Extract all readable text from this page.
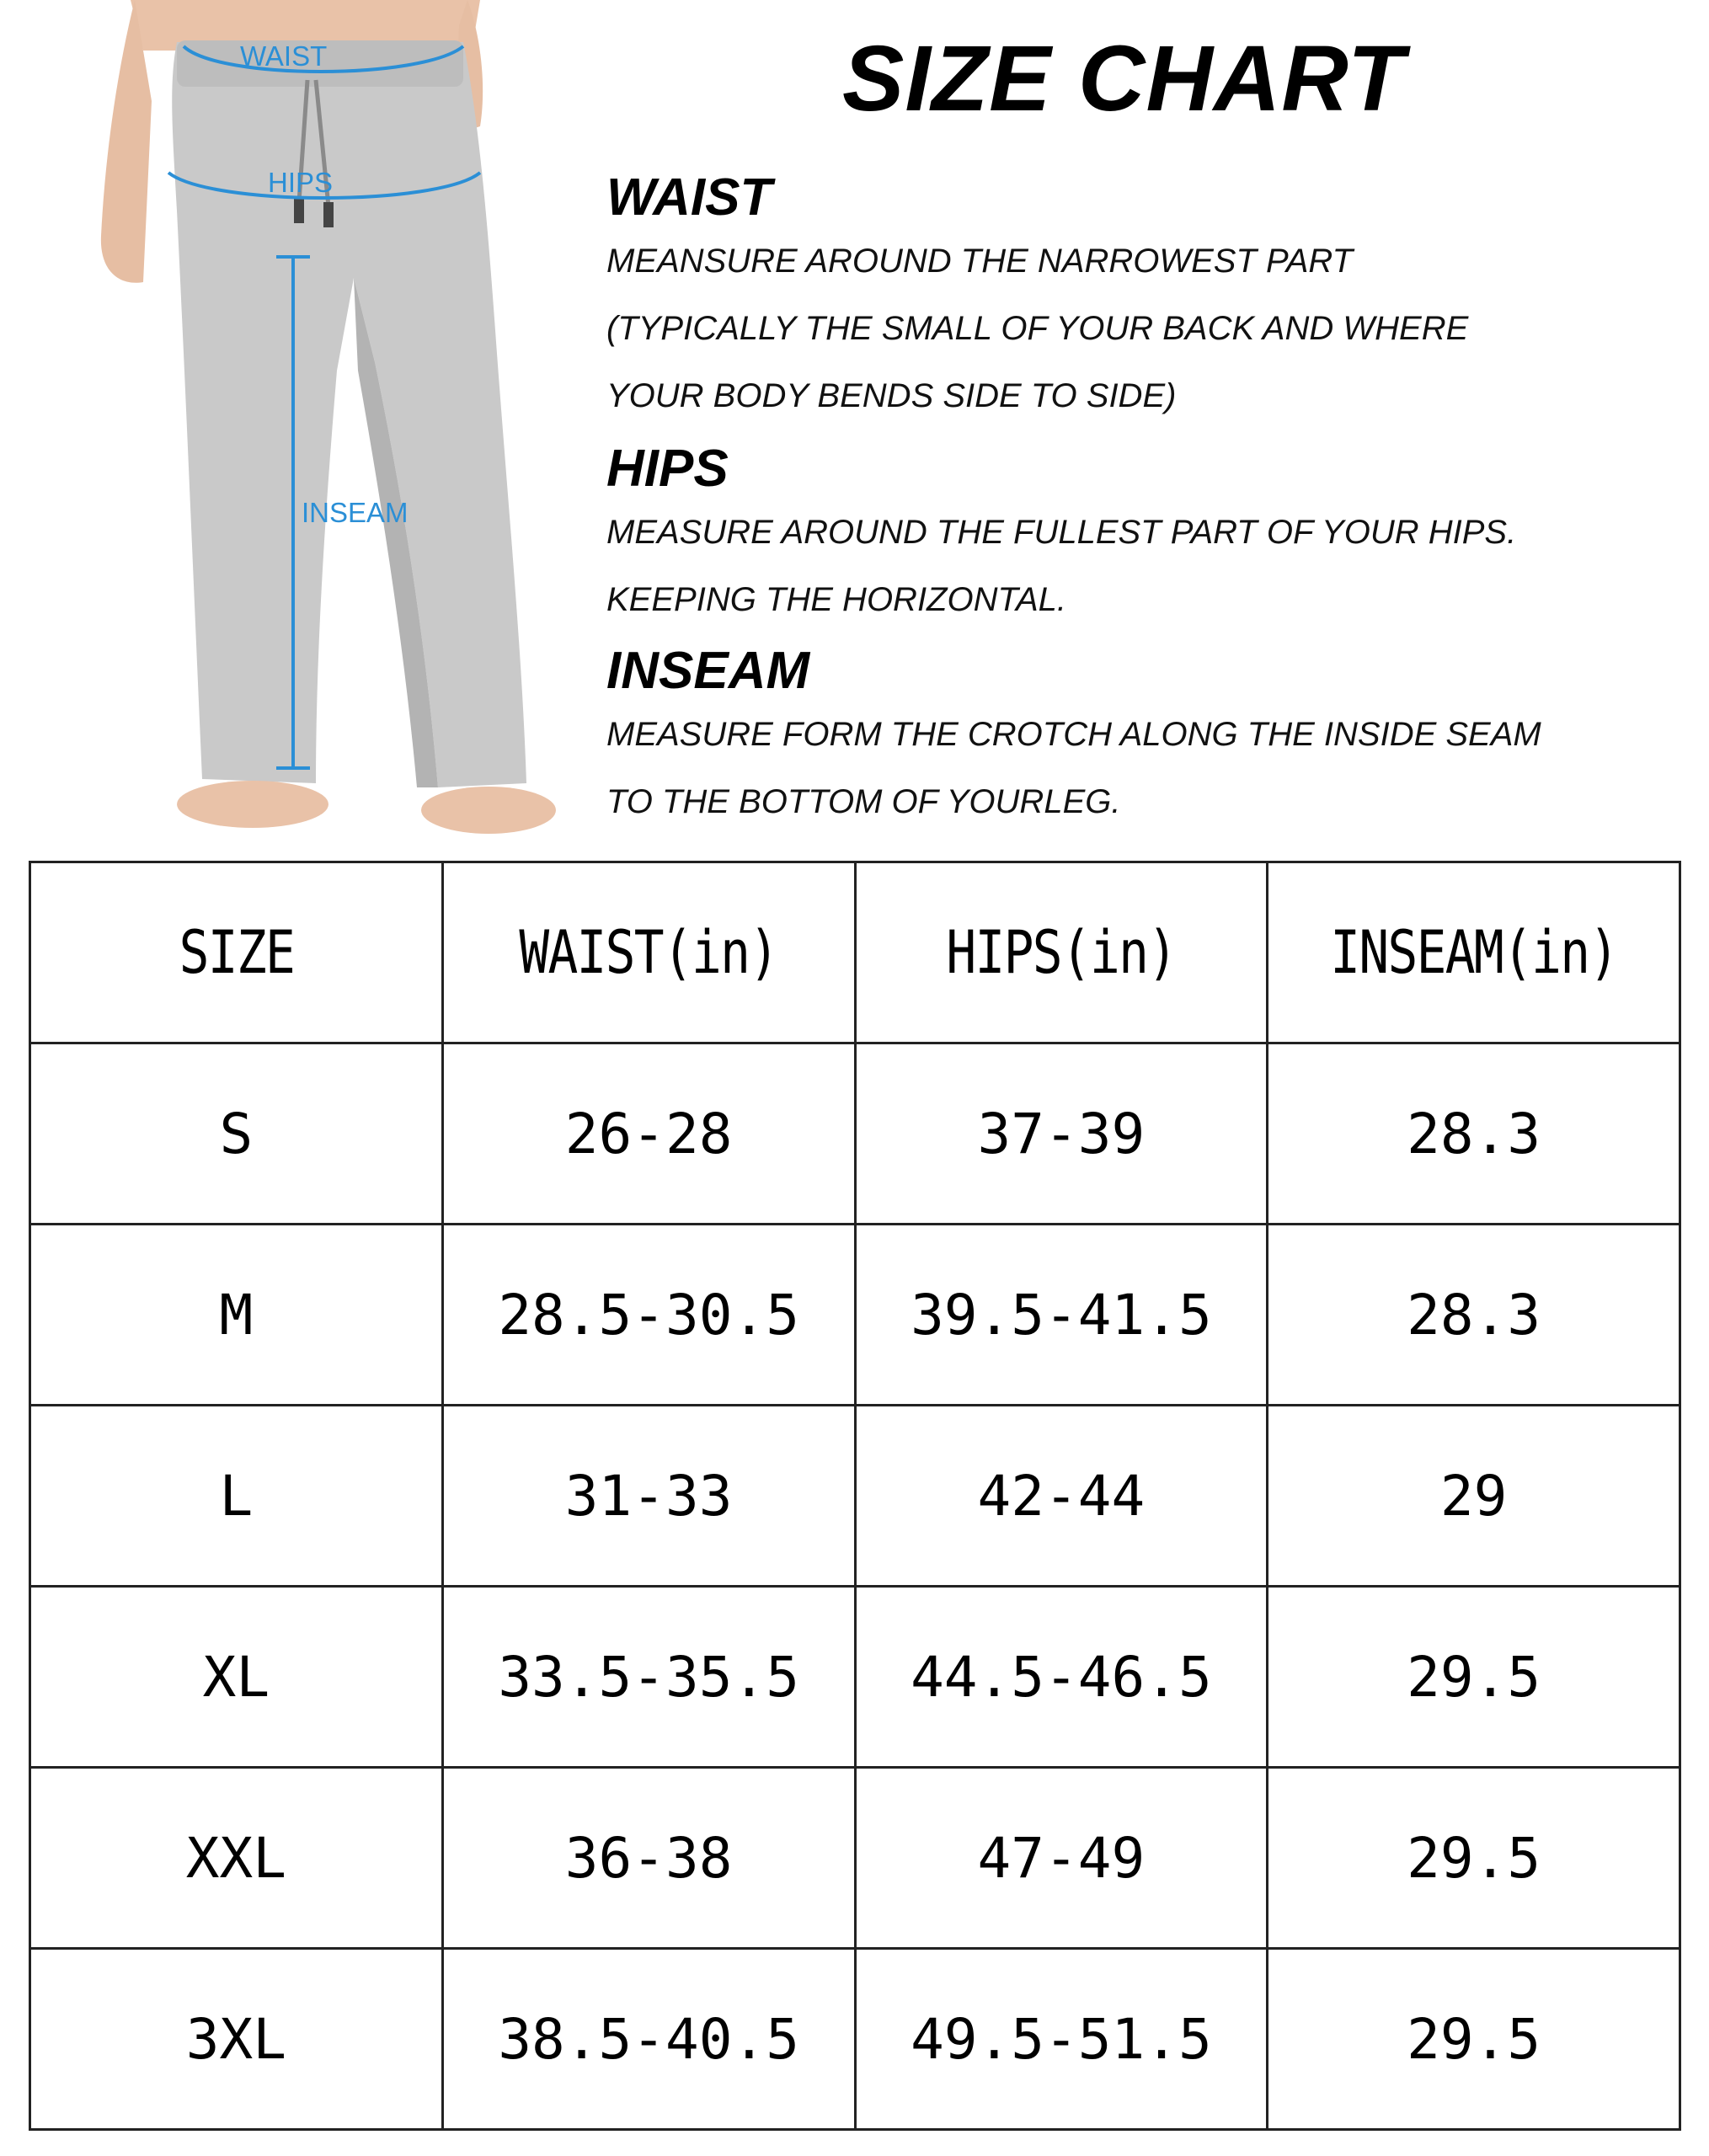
WAIST
HIPS
INSEAM
SIZE CHART
WAIST
MEANSURE AROUND THE NARROWEST PART
(TYPICALLY THE SMALL OF YOUR BACK AND WHERE
YOUR BODY BENDS SIDE TO SIDE)
HIPS
MEASURE AROUND THE FULLEST PART OF YOUR HIPS.
KEEPING THE HORIZONTAL.
INSEAM
MEASURE FORM THE CROTCH ALONG THE INSIDE SEAM
TO THE BOTTOM OF YOURLEG.
SIZE	WAIST(in)	HIPS(in)	INSEAM(in)
S	26-28	37-39	28.3
M	28.5-30.5	39.5-41.5	28.3
L	31-33	42-44	29
XL	33.5-35.5	44.5-46.5	29.5
XXL	36-38	47-49	29.5
3XL	38.5-40.5	49.5-51.5	29.5
